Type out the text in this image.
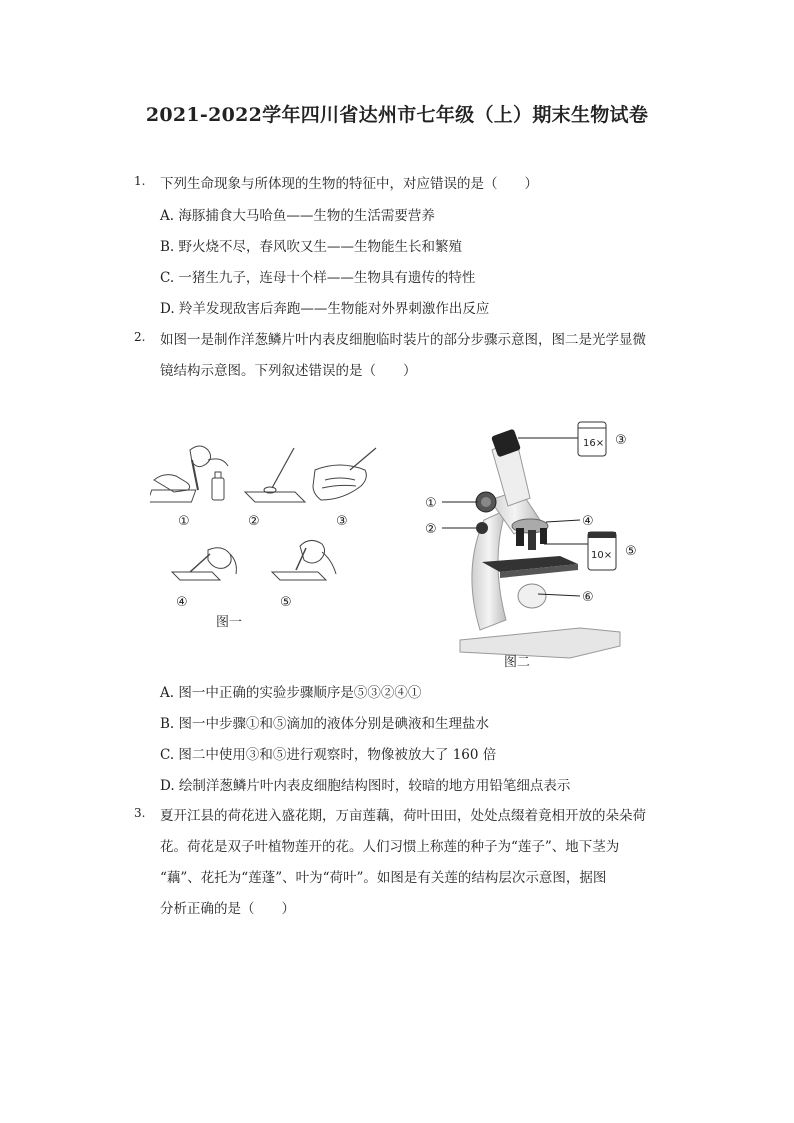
2021-2022学年四川省达州市七年级（上）期末生物试卷
1. 下列生命现象与所体现的生物的特征中，对应错误的是（　　）
A. 海豚捕食大马哈鱼——生物的生活需要营养
B. 野火烧不尽，春风吹又生——生物能生长和繁殖
C. 一猪生九子，连母十个样——生物具有遗传的特性
D. 羚羊发现敌害后奔跑——生物能对外界刺激作出反应
2. 如图一是制作洋葱鳞片叶内表皮细胞临时装片的部分步骤示意图，图二是光学显微
镜结构示意图。下列叙述错误的是（　　）
①	②	③
④	⑤
图一
16×
10×
①
②
③
④
⑤
⑥
图二
A. 图一中正确的实验步骤顺序是⑤③②④①
B. 图一中步骤①和⑤滴加的液体分别是碘液和生理盐水
C. 图二中使用③和⑤进行观察时，物像被放大了 160 倍
D. 绘制洋葱鳞片叶内表皮细胞结构图时，较暗的地方用铅笔细点表示
3. 夏开江县的荷花进入盛花期，万亩莲藕，荷叶田田，处处点缀着竟相开放的朵朵荷
花。荷花是双子叶植物莲开的花。人们习惯上称莲的种子为“莲子”、地下茎为
“藕”、花托为“莲蓬”、叶为“荷叶”。如图是有关莲的结构层次示意图，据图
分析正确的是（　　）
